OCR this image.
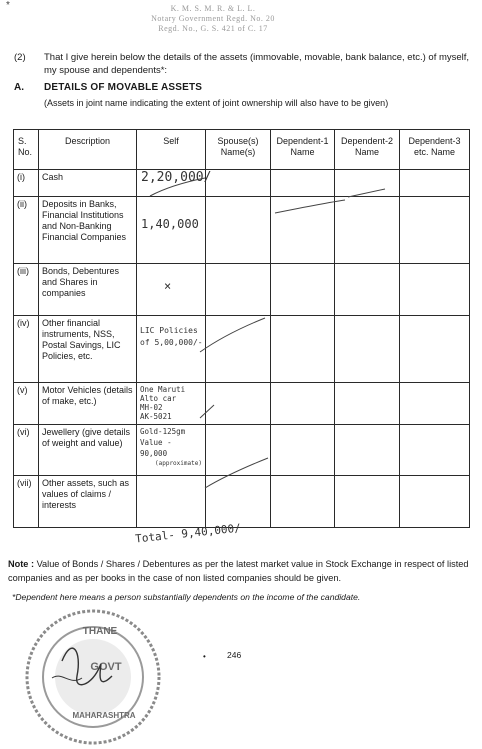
*	K. M. S. M. R. & L. L.
Notary Government Regd. No. 20
Regd. No., G. S. 421 of C. 17
(2) That I give herein below the details of the assets (immovable, movable, bank balance, etc.) of myself, my spouse and dependents*:
A. DETAILS OF MOVABLE ASSETS
(Assets in joint name indicating the extent of joint ownership will also have to be given)
S. No.	Description	Self	Spouse(s) Name(s)	Dependent-1 Name	Dependent-2 Name	Dependent-3 etc. Name
(i)	Cash	2,20,000/				

(ii)	Deposits in Banks, Financial Institutions and Non-Banking Financial Companies	1,40,000				

(iii)	Bonds, Debentures and Shares in companies	×				

(iv)	Other financial instruments, NSS, Postal Savings, LIC Policies, etc.	LIC Policies
of 5,00,000/-				

(v)	Motor Vehicles (details of make, etc.)	One Maruti
Alto car
MH-02
AK-5021				

(vi)	Jewellery (give details of weight and value)	Gold-125gm
Value -
90,000
(approximate)				

(vii)	Other assets, such as values of claims / interests					
Total- 9,40,000/
Note : Value of Bonds / Shares / Debentures as per the latest market value in Stock Exchange in respect of listed companies and as per books in the case of non listed companies should be given.
*Dependent here means a person substantially dependents on the income of the candidate.
THANE
GOVT
MAHARASHTRA
• 246
